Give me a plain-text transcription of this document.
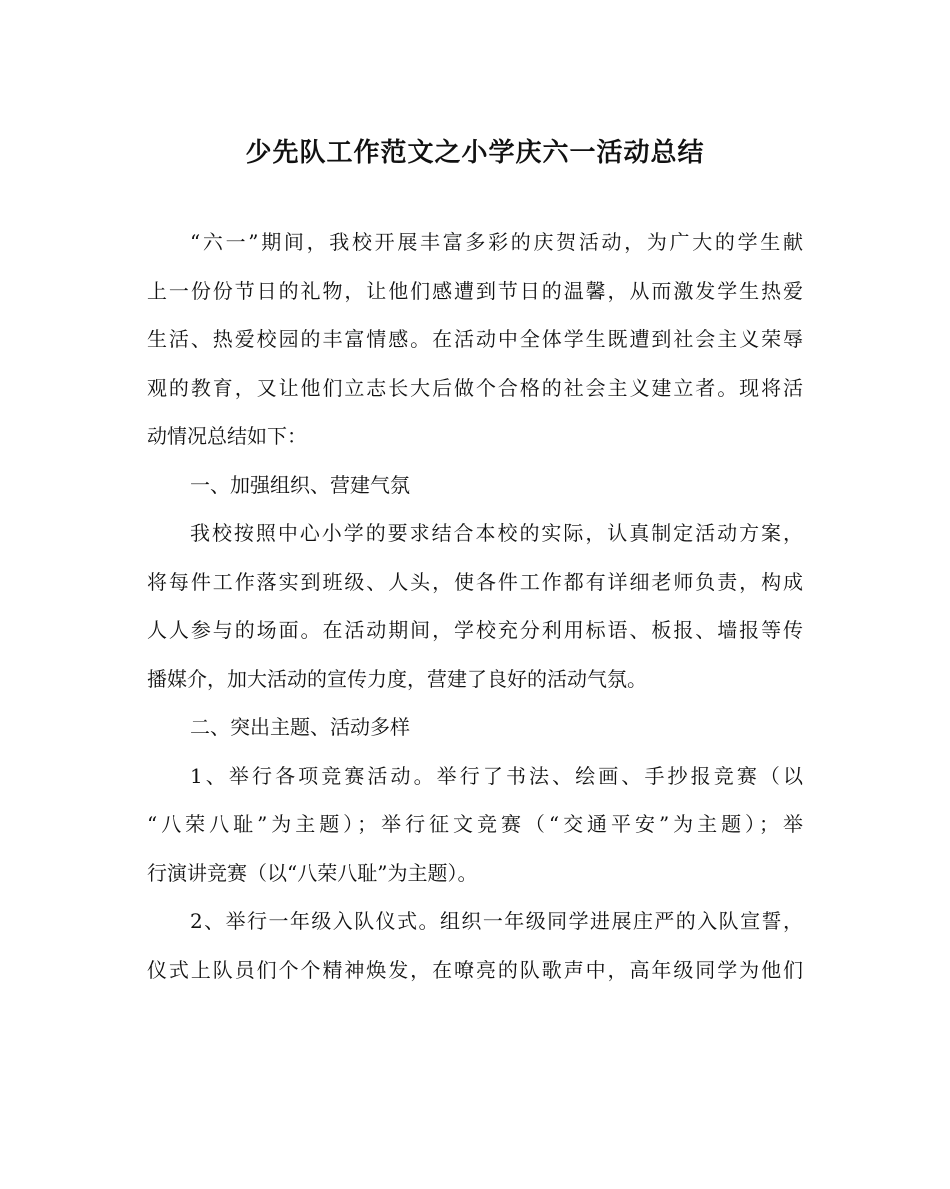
少先队工作范文之小学庆六一活动总结
“六一”期间，我校开展丰富多彩的庆贺活动，为广大的学生献
上一份份节日的礼物，让他们感遭到节日的温馨，从而激发学生热爱
生活、热爱校园的丰富情感。在活动中全体学生既遭到社会主义荣辱
观的教育，又让他们立志长大后做个合格的社会主义建立者。现将活
动情况总结如下：
一、加强组织、营建气氛
我校按照中心小学的要求结合本校的实际，认真制定活动方案，
将每件工作落实到班级、人头，使各件工作都有详细老师负责，构成
人人参与的场面。在活动期间，学校充分利用标语、板报、墙报等传
播媒介，加大活动的宣传力度，营建了良好的活动气氛。
二、突出主题、活动多样
1、举行各项竞赛活动。举行了书法、绘画、手抄报竞赛（以
“八荣八耻”为主题）；举行征文竞赛（“交通平安”为主题）；举
行演讲竞赛（以“八荣八耻”为主题）。
2、举行一年级入队仪式。组织一年级同学进展庄严的入队宣誓，
仪式上队员们个个精神焕发，在嘹亮的队歌声中，高年级同学为他们
